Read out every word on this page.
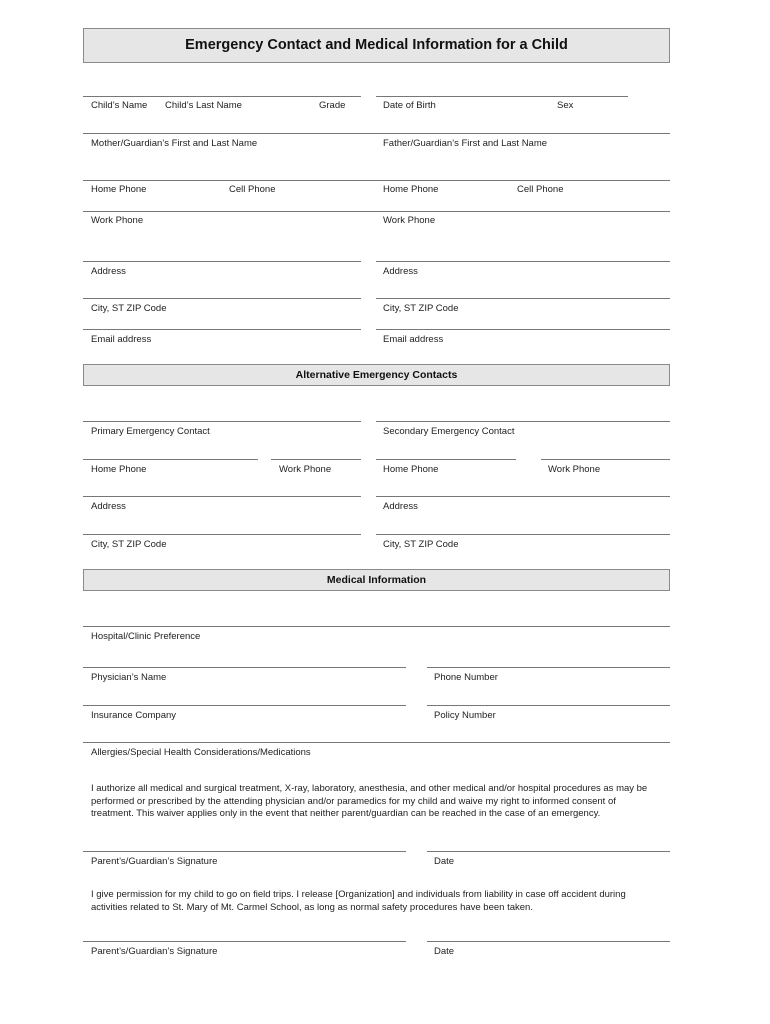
Emergency Contact and Medical Information for a Child
Child’s Name Child’s Last Name	Grade	Date of Birth	Sex
Mother/Guardian’s First and Last Name	Father/Guardian’s First and Last Name
Home Phone	Cell Phone	Home Phone	Cell Phone
Work Phone	Work Phone
Address	Address
City, ST ZIP Code	City, ST ZIP Code
Email address	Email address
Alternative Emergency Contacts
Primary Emergency Contact	Secondary Emergency Contact
Home Phone	Work Phone	Home Phone	Work Phone
Address	Address
City, ST ZIP Code	City, ST ZIP Code
Medical Information
Hospital/Clinic Preference
Physician’s Name	Phone Number
Insurance Company	Policy Number
Allergies/Special Health Considerations/Medications
I authorize all medical and surgical treatment, X-ray, laboratory, anesthesia, and other medical and/or hospital procedures as may be performed or prescribed by the attending physician and/or paramedics for my child and waive my right to informed consent of treatment. This waiver applies only in the event that neither parent/guardian can be reached in the case of an emergency.
Parent’s/Guardian’s Signature	Date
I give permission for my child to go on field trips. I release [Organization] and individuals from liability in case off accident during activities related to St. Mary of Mt. Carmel School, as long as normal safety procedures have been taken.
Parent’s/Guardian’s Signature	Date
